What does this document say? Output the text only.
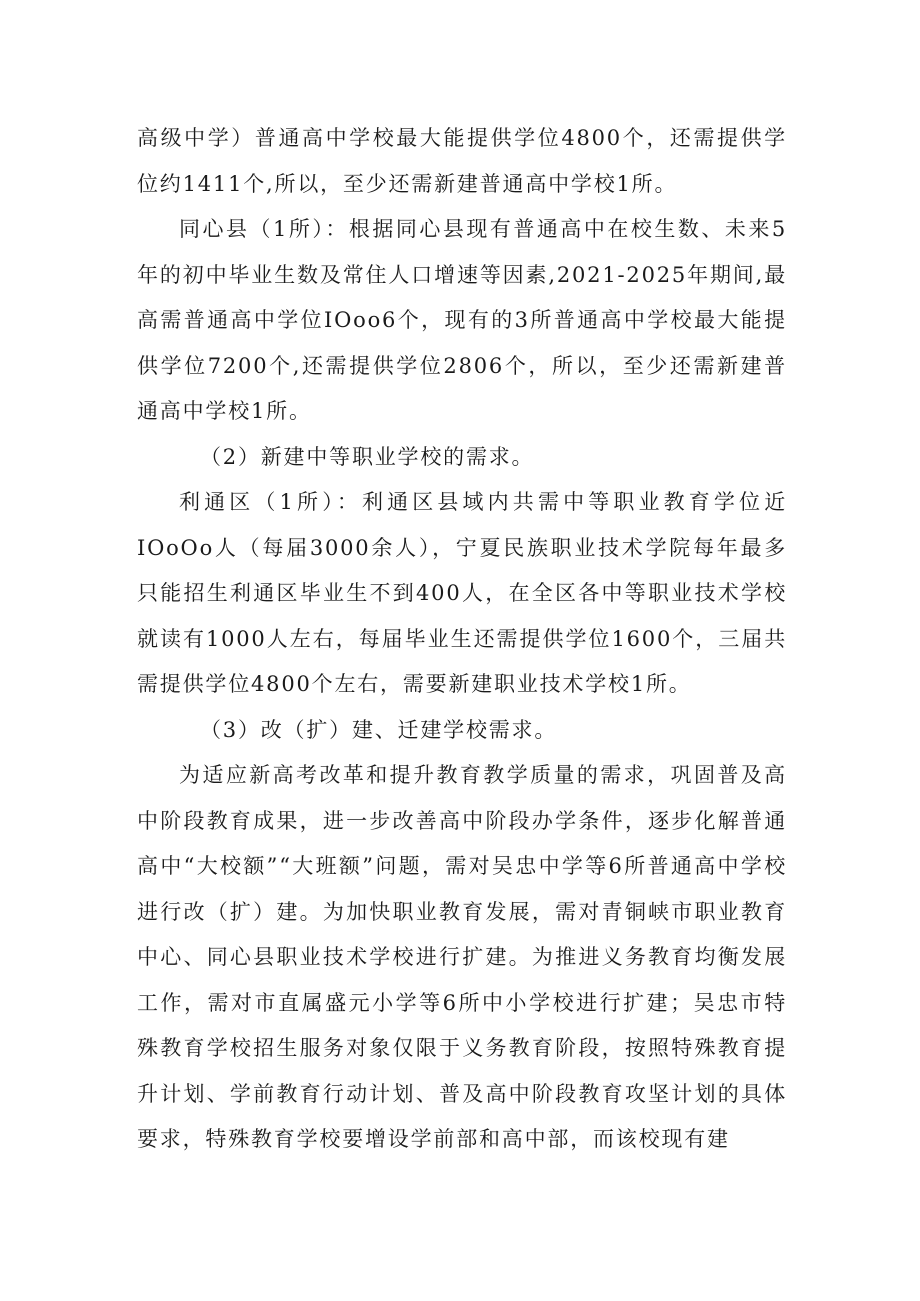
高级中学）普通高中学校最大能提供学位4800个，还需提供学位约1411个,所以，至少还需新建普通高中学校1所。

同心县（1所）：根据同心县现有普通高中在校生数、未来5年的初中毕业生数及常住人口增速等因素,2021-2025年期间,最高需普通高中学位IOoo6个，现有的3所普通高中学校最大能提供学位7200个,还需提供学位2806个，所以，至少还需新建普通高中学校1所。

（2）新建中等职业学校的需求。

利通区（1所）：利通区县域内共需中等职业教育学位近IOoOo人（每届3000余人），宁夏民族职业技术学院每年最多只能招生利通区毕业生不到400人，在全区各中等职业技术学校就读有1000人左右，每届毕业生还需提供学位1600个，三届共需提供学位4800个左右，需要新建职业技术学校1所。

（3）改（扩）建、迁建学校需求。

为适应新高考改革和提升教育教学质量的需求，巩固普及高中阶段教育成果，进一步改善高中阶段办学条件，逐步化解普通高中“大校额”“大班额”问题，需对吴忠中学等6所普通高中学校进行改（扩）建。为加快职业教育发展，需对青铜峡市职业教育中心、同心县职业技术学校进行扩建。为推进义务教育均衡发展工作，需对市直属盛元小学等6所中小学校进行扩建；吴忠市特殊教育学校招生服务对象仅限于义务教育阶段，按照特殊教育提升计划、学前教育行动计划、普及高中阶段教育攻坚计划的具体要求，特殊教育学校要增设学前部和高中部，而该校现有建
